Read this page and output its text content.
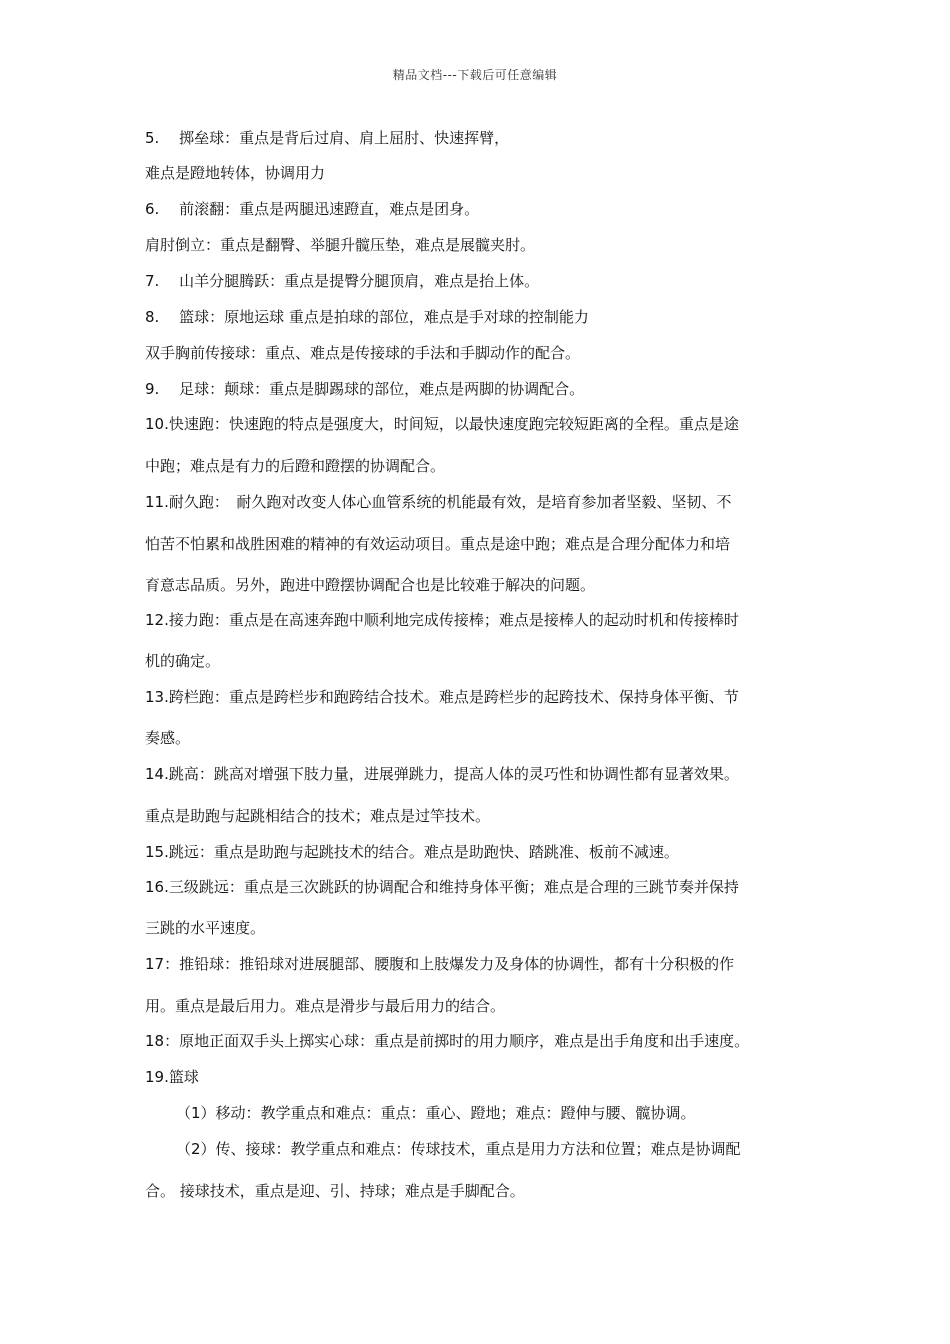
精品文档---下载后可任意编辑
5.　 掷垒球：重点是背后过肩、肩上屈肘、快速挥臂，
难点是蹬地转体，协调用力
6.　 前滚翻：重点是两腿迅速蹬直，难点是团身。
肩肘倒立：重点是翻臀、举腿升髋压垫，难点是展髋夹肘。
7.　 山羊分腿腾跃：重点是提臀分腿顶肩，难点是抬上体。
8.　 篮球：原地运球 重点是拍球的部位，难点是手对球的控制能力
双手胸前传接球：重点、难点是传接球的手法和手脚动作的配合。
9.　 足球：颠球：重点是脚踢球的部位，难点是两脚的协调配合。
10.快速跑：快速跑的特点是强度大，时间短，以最快速度跑完较短距离的全程。重点是途
中跑；难点是有力的后蹬和蹬摆的协调配合。
11.耐久跑：　耐久跑对改变人体心血管系统的机能最有效，是培育参加者坚毅、坚韧、不
怕苦不怕累和战胜困难的精神的有效运动项目。重点是途中跑；难点是合理分配体力和培
育意志品质。另外，跑进中蹬摆协调配合也是比较难于解决的问题。
12.接力跑：重点是在高速奔跑中顺利地完成传接棒；难点是接棒人的起动时机和传接棒时
机的确定。
13.跨栏跑：重点是跨栏步和跑跨结合技术。难点是跨栏步的起跨技术、保持身体平衡、节
奏感。
14.跳高：跳高对增强下肢力量，进展弹跳力，提高人体的灵巧性和协调性都有显著效果。
重点是助跑与起跳相结合的技术；难点是过竿技术。
15.跳远：重点是助跑与起跳技术的结合。难点是助跑快、踏跳准、板前不减速。
16.三级跳远：重点是三次跳跃的协调配合和维持身体平衡；难点是合理的三跳节奏并保持
三跳的水平速度。
17：推铅球：推铅球对进展腿部、腰腹和上肢爆发力及身体的协调性，都有十分积极的作
用。重点是最后用力。难点是滑步与最后用力的结合。
18：原地正面双手头上掷实心球：重点是前掷时的用力顺序，难点是出手角度和出手速度。
19.篮球
（1）移动：教学重点和难点：重点：重心、蹬地；难点：蹬伸与腰、髋协调。
（2）传、接球：教学重点和难点：传球技术，重点是用力方法和位置；难点是协调配
合。 接球技术，重点是迎、引、持球；难点是手脚配合。
